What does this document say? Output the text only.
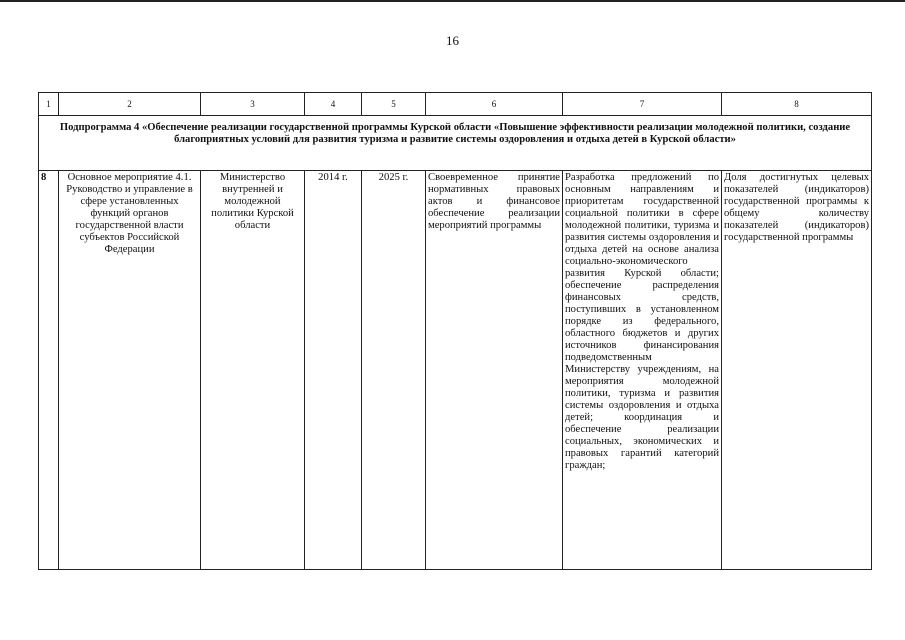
16
1	2	3	4	5	6	7	8
Подпрограмма 4 «Обеспечение реализации государственной программы Курской области «Повышение эффективности реализации молодежной политики, создание благоприятных условий для развития туризма и развитие системы оздоровления и отдыха детей в Курской области»							
8	Основное мероприятие 4.1. Руководство и управление в сфере установленных функций органов государственной власти субъектов Российской Федерации	Министерство внутренней и молодежной политики Курской области	2014 г.	2025 г.	Своевременное принятие нормативных правовых актов и финансовое обеспечение реализации мероприятий программы	Разработка предложений по основным направлениям и приоритетам государственной социальной политики в сфере молодежной политики, туризма и развития системы оздоровления и отдыха детей на основе анализа социально-экономического развития Курской области; обеспечение распределения финансовых средств, поступивших в установленном порядке из федерального, областного бюджетов и других источников финансирования подведомственным Министерству учреждениям, на мероприятия молодежной политики, туризма и развития системы оздоровления и отдыха детей; координация и обеспечение реализации социальных, экономических и правовых гарантий категорий граждан;	Доля достигнутых целевых показателей (индикаторов) государственной программы к общему количеству показателей (индикаторов) государственной программы
